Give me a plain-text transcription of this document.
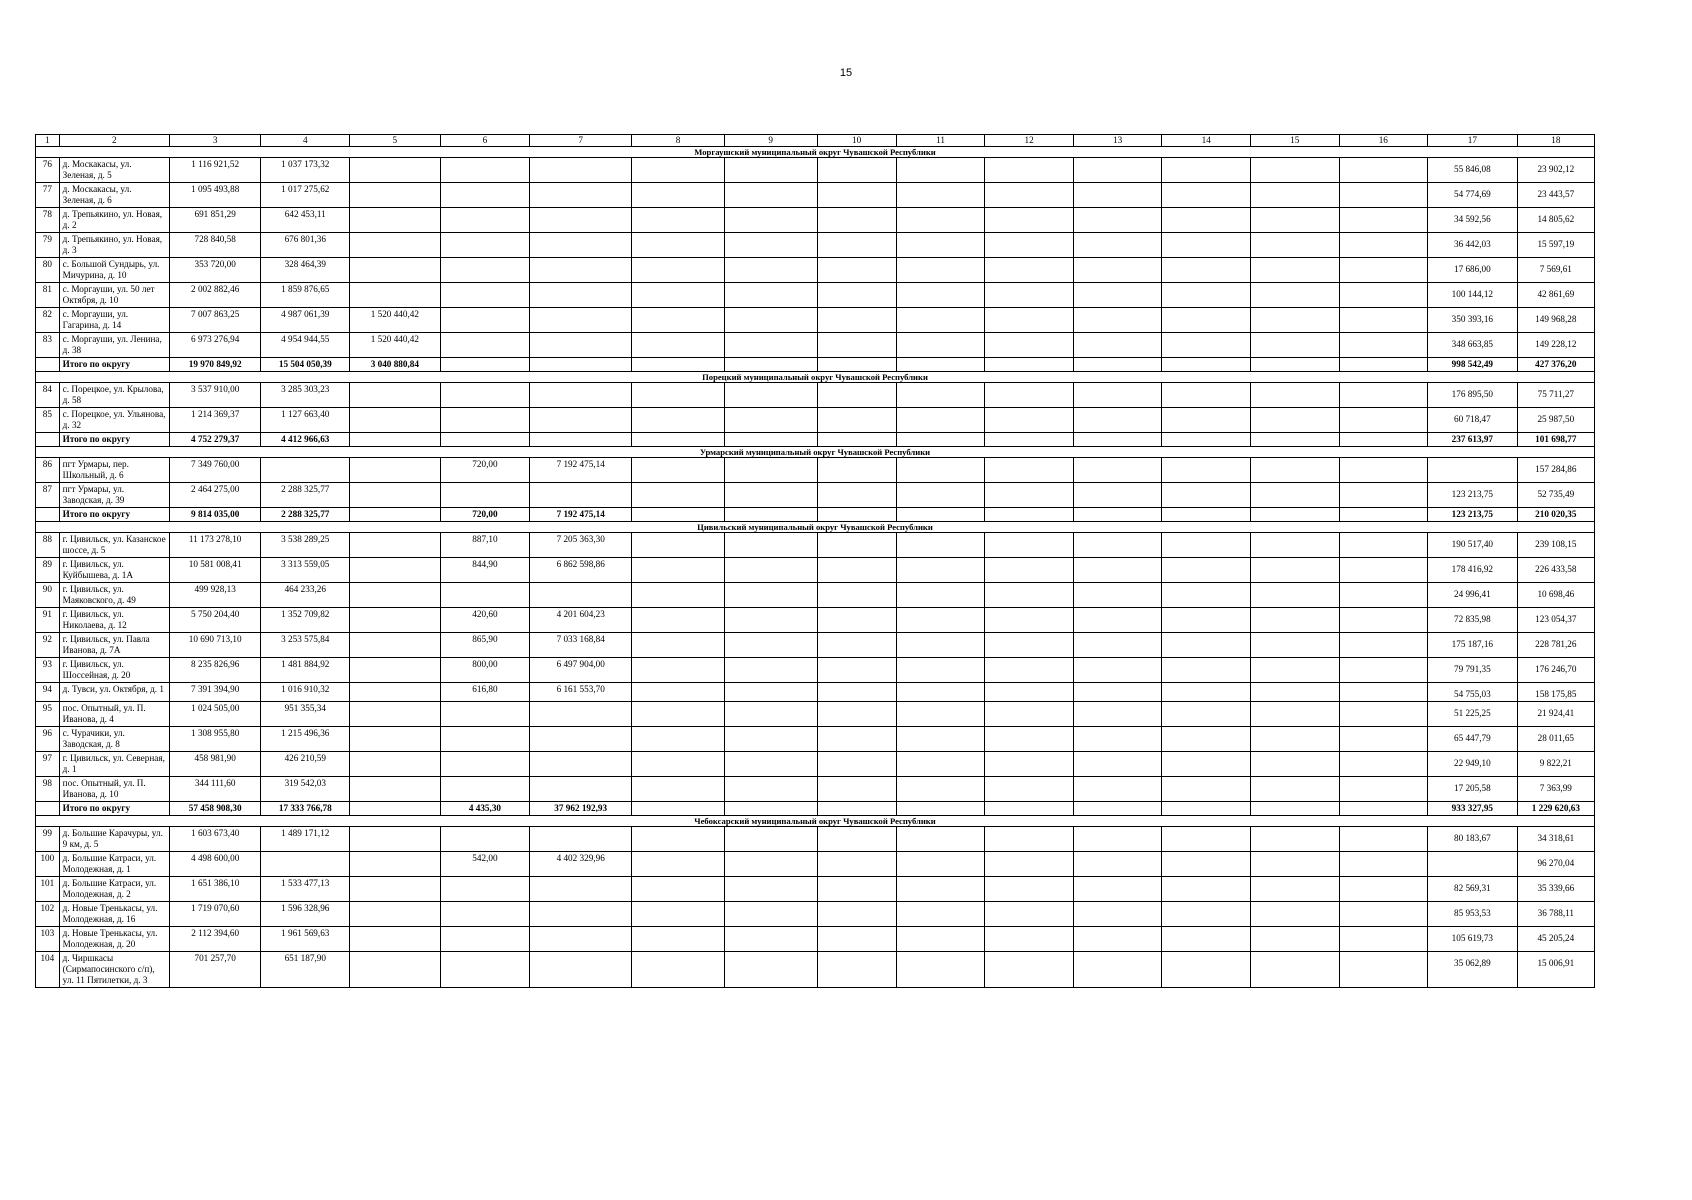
15
1	2	3	4	5	6	7	8	9	10	11	12	13	14	15	16	17	18
Моргаушский муниципальный округ Чувашской Республики																	
76	д. Москакасы, ул. Зеленая, д. 5	1 116 921,52	1 037 173,32													55 846,08	23 902,12
77	д. Москакасы, ул. Зеленая, д. 6	1 095 493,88	1 017 275,62													54 774,69	23 443,57
78	д. Трепьякино, ул. Новая, д. 2	691 851,29	642 453,11													34 592,56	14 805,62
79	д. Трепьякино, ул. Новая, д. 3	728 840,58	676 801,36													36 442,03	15 597,19
80	с. Большой Сундырь, ул. Мичурина, д. 10	353 720,00	328 464,39													17 686,00	7 569,61
81	с. Моргауши, ул. 50 лет Октября, д. 10	2 002 882,46	1 859 876,65													100 144,12	42 861,69
82	с. Моргауши, ул. Гагарина, д. 14	7 007 863,25	4 987 061,39	1 520 440,42												350 393,16	149 968,28
83	с. Моргауши, ул. Ленина, д. 38	6 973 276,94	4 954 944,55	1 520 440,42												348 663,85	149 228,12
	Итого по округу	19 970 849,92	15 504 050,39	3 040 880,84												998 542,49	427 376,20
Порецкий муниципальный округ Чувашской Республики																	
84	с. Порецкое, ул. Крылова, д. 58	3 537 910,00	3 285 303,23													176 895,50	75 711,27
85	с. Порецкое, ул. Ульянова, д. 32	1 214 369,37	1 127 663,40													60 718,47	25 987,50
	Итого по округу	4 752 279,37	4 412 966,63													237 613,97	101 698,77
Урмарский муниципальный округ Чувашской Республики																	
86	пгт Урмары, пер. Школьный, д. 6	7 349 760,00			720,00	7 192 475,14											157 284,86
87	пгт Урмары, ул. Заводская, д. 39	2 464 275,00	2 288 325,77													123 213,75	52 735,49
	Итого по округу	9 814 035,00	2 288 325,77		720,00	7 192 475,14										123 213,75	210 020,35
Цивильский муниципальный округ Чувашской Республики																	
88	г. Цивильск, ул. Казанское шоссе, д. 5	11 173 278,10	3 538 289,25		887,10	7 205 363,30										190 517,40	239 108,15
89	г. Цивильск, ул. Куйбышева, д. 1А	10 581 008,41	3 313 559,05		844,90	6 862 598,86										178 416,92	226 433,58
90	г. Цивильск, ул. Маяковского, д. 49	499 928,13	464 233,26													24 996,41	10 698,46
91	г. Цивильск, ул. Николаева, д. 12	5 750 204,40	1 352 709,82		420,60	4 201 604,23										72 835,98	123 054,37
92	г. Цивильск, ул. Павла Иванова, д. 7А	10 690 713,10	3 253 575,84		865,90	7 033 168,84										175 187,16	228 781,26
93	г. Цивильск, ул. Шоссейная, д. 20	8 235 826,96	1 481 884,92		800,00	6 497 904,00										79 791,35	176 246,70
94	д. Тувси, ул. Октября, д. 1	7 391 394,90	1 016 910,32		616,80	6 161 553,70										54 755,03	158 175,85
95	пос. Опытный, ул. П. Иванова, д. 4	1 024 505,00	951 355,34													51 225,25	21 924,41
96	с. Чурачики, ул. Заводская, д. 8	1 308 955,80	1 215 496,36													65 447,79	28 011,65
97	г. Цивильск, ул. Северная, д. 1	458 981,90	426 210,59													22 949,10	9 822,21
98	пос. Опытный, ул. П. Иванова, д. 10	344 111,60	319 542,03													17 205,58	7 363,99
	Итого по округу	57 458 908,30	17 333 766,78		4 435,30	37 962 192,93										933 327,95	1 229 620,63
Чебоксарский муниципальный округ Чувашской Республики																	
99	д. Большие Карачуры, ул. 9 км, д. 5	1 603 673,40	1 489 171,12													80 183,67	34 318,61
100	д. Большие Катраси, ул. Молодежная, д. 1	4 498 600,00			542,00	4 402 329,96											96 270,04
101	д. Большие Катраси, ул. Молодежная, д. 2	1 651 386,10	1 533 477,13													82 569,31	35 339,66
102	д. Новые Тренькасы, ул. Молодежная, д. 16	1 719 070,60	1 596 328,96													85 953,53	36 788,11
103	д. Новые Тренькасы, ул. Молодежная, д. 20	2 112 394,60	1 961 569,63													105 619,73	45 205,24
104	д. Чиршкасы (Сирмапосинского с/п), ул. 11 Пятилетки, д. 3	701 257,70	651 187,90													35 062,89	15 006,91
